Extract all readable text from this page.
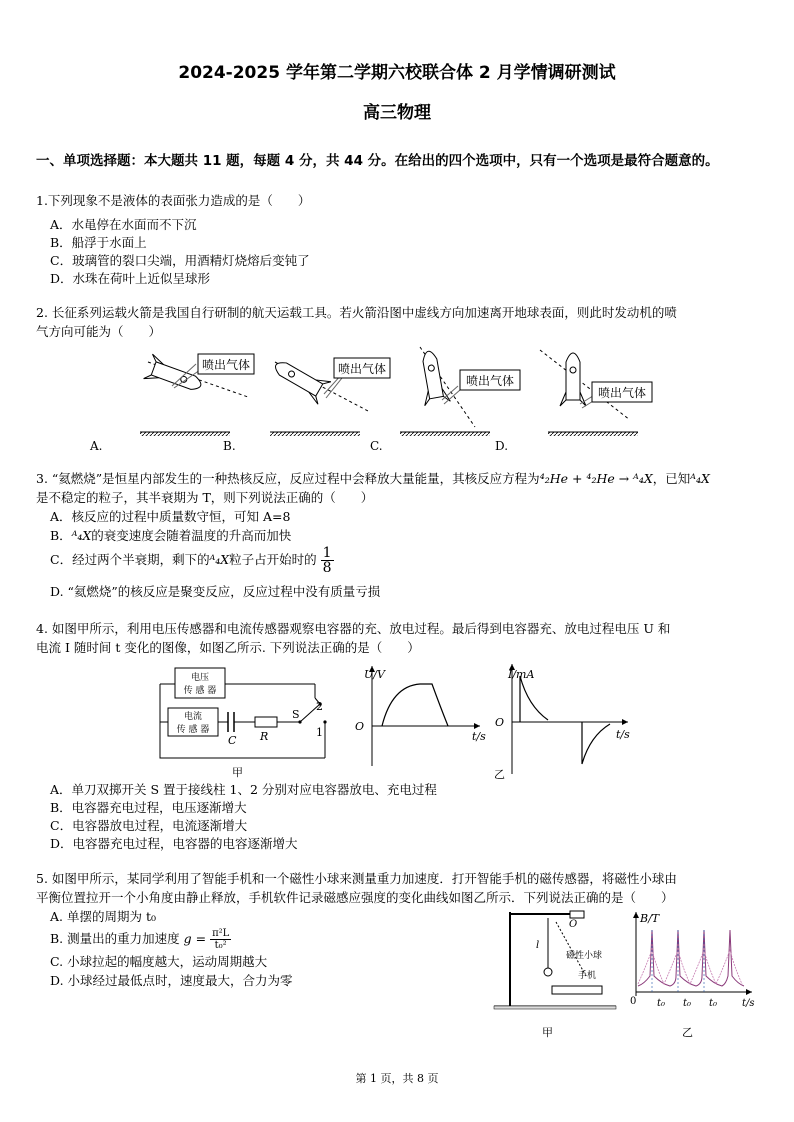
2024-2025 学年第二学期六校联合体 2 月学情调研测试
高三物理
一、单项选择题：本大题共 11 题，每题 4 分，共 44 分。在给出的四个选项中，只有一个选项是最符合题意的。
1.下列现象不是液体的表面张力造成的是（　　）
A．水黾停在水面而不下沉
B．船浮于水面上
C．玻璃管的裂口尖端，用酒精灯烧熔后变钝了
D．水珠在荷叶上近似呈球形
2. 长征系列运载火箭是我国自行研制的航天运载工具。若火箭沿图中虚线方向加速离开地球表面，则此时发动机的喷
气方向可能为（　　）
喷出气体
A.
喷出气体
B.
喷出气体
C.
喷出气体
D.
3. “氦燃烧”是恒星内部发生的一种热核反应，反应过程中会释放大量能量，其核反应方程为⁴₂He + ⁴₂He → ᴬ₄X，已知ᴬ₄X
是不稳定的粒子，其半衰期为 T，则下列说法正确的（　　）
A．核反应的过程中质量数守恒，可知 A=8
B．ᴬ₄X的衰变速度会随着温度的升高而加快
C．经过两个半衰期，剩下的ᴬ₄X粒子占开始时的 $\frac{1}{8}$
D. “氦燃烧”的核反应是聚变反应，反应过程中没有质量亏损
4. 如图甲所示，利用电压传感器和电流传感器观察电容器的充、放电过程。最后得到电容器充、放电过程电压 U 和
电流 I 随时间 t 变化的图像，如图乙所示. 下列说法正确的是（　　）
电压
传 感 器
电流
传 感 器
C R
S
2
1
甲
U/V
O
t/s
I/mA
O
t/s
乙
A．单刀双掷开关 S 置于接线柱 1、2 分别对应电容器放电、充电过程
B．电容器充电过程，电压逐渐增大
C．电容器放电过程，电流逐渐增大
D．电容器充电过程，电容器的电容逐渐增大
5. 如图甲所示，某同学利用了智能手机和一个磁性小球来测量重力加速度．打开智能手机的磁传感器，将磁性小球由
平衡位置拉开一个小角度由静止释放，手机软件记录磁感应强度的变化曲线如图乙所示．下列说法正确的是（　　）
A. 单摆的周期为 t₀
B. 测量出的重力加速度 $g = \frac{\text{π²L}}{\text{t₀²}}$
C. 小球拉起的幅度越大，运动周期越大
D. 小球经过最低点时，速度最大，合力为零
O
l
磁性小球
手机
甲
B/T
0 t₀ t₀ t₀ t/s
乙
第 1 页，共 8 页
